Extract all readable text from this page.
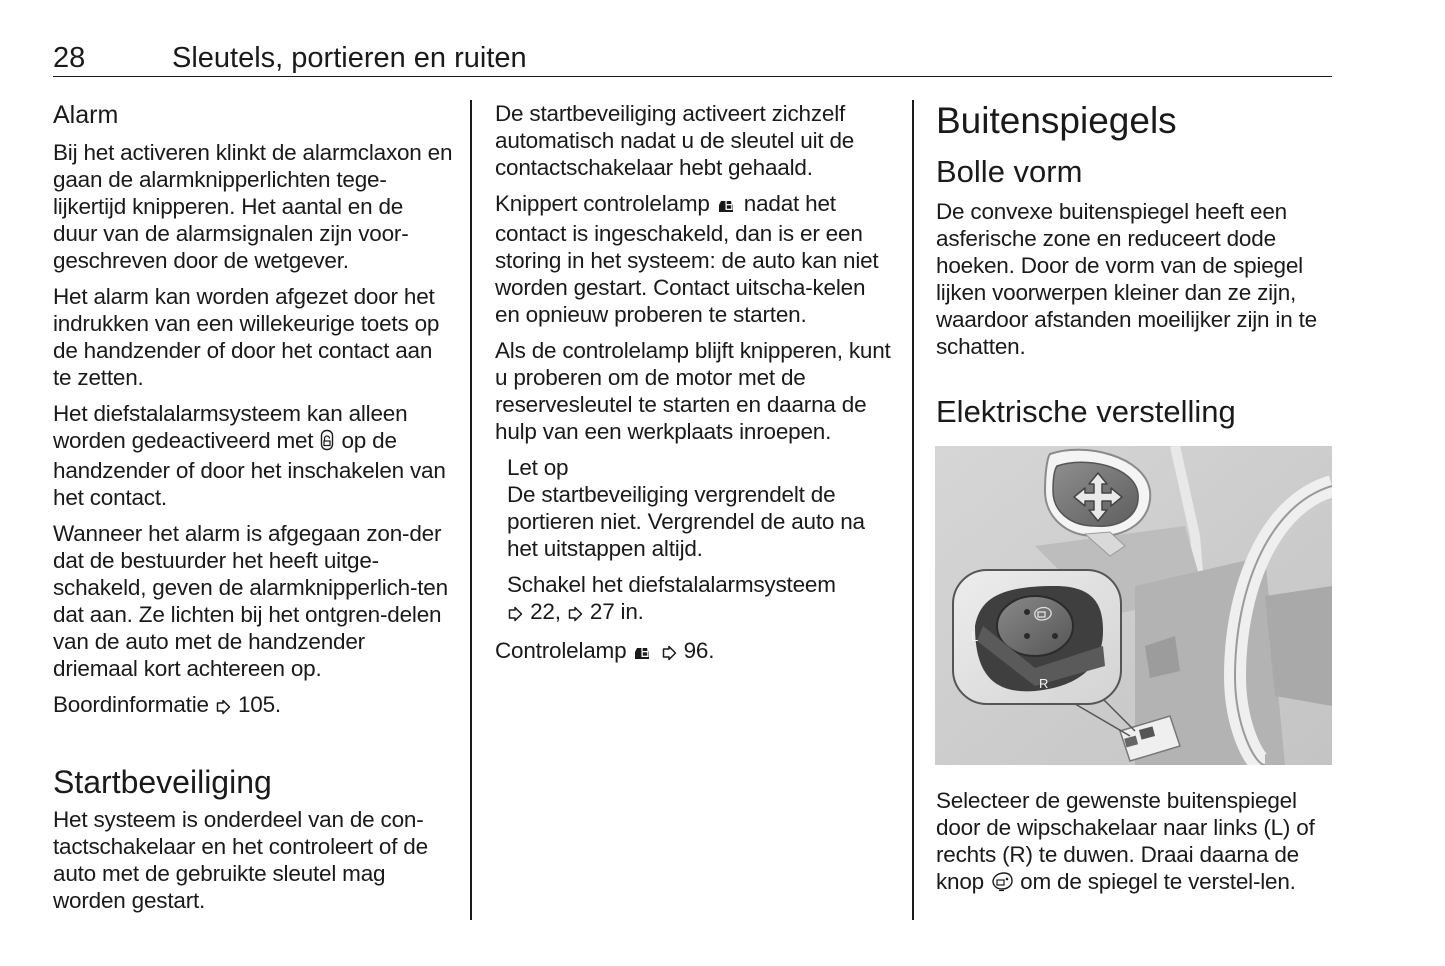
28	Sleutels, portieren en ruiten
Alarm

Bij het activeren klinkt de alarmclaxon en gaan de alarmknipperlichten tege-lijkertijd knipperen. Het aantal en de duur van de alarmsignalen zijn voor-geschreven door de wetgever.

Het alarm kan worden afgezet door het indrukken van een willekeurige toets op de handzender of door het contact aan te zetten.

Het diefstalalarmsysteem kan alleen worden gedeactiveerd met op de handzender of door het inschakelen van het contact.

Wanneer het alarm is afgegaan zon-der dat de bestuurder het heeft uitge-schakeld, geven de alarmknipperlich-ten dat aan. Ze lichten bij het ontgren-delen van de auto met de handzender driemaal kort achtereen op.

Boordinformatie 105.

Startbeveiliging

Het systeem is onderdeel van de con-tactschakelaar en het controleert of de auto met de gebruikte sleutel mag worden gestart.

De startbeveiliging activeert zichzelf automatisch nadat u de sleutel uit de contactschakelaar hebt gehaald.

Knippert controlelamp nadat het contact is ingeschakeld, dan is er een storing in het systeem: de auto kan niet worden gestart. Contact uitscha-kelen en opnieuw proberen te starten.

Als de controlelamp blijft knipperen, kunt u proberen om de motor met de reservesleutel te starten en daarna de hulp van een werkplaats inroepen.

Let op

De startbeveiliging vergrendelt de portieren niet. Vergrendel de auto na het uitstappen altijd.

Schakel het diefstalalarmsysteem
22, 27 in.

Controlelamp	96.

Buitenspiegels
Bolle vorm

De convexe buitenspiegel heeft een asferische zone en reduceert dode hoeken. Door de vorm van de spiegel lijken voorwerpen kleiner dan ze zijn, waardoor afstanden moeilijker zijn in te schatten.

Elektrische verstelling
L
R

Selecteer de gewenste buitenspiegel door de wipschakelaar naar links (L) of rechts (R) te duwen. Draai daarna de knop om de spiegel te verstel-len.
